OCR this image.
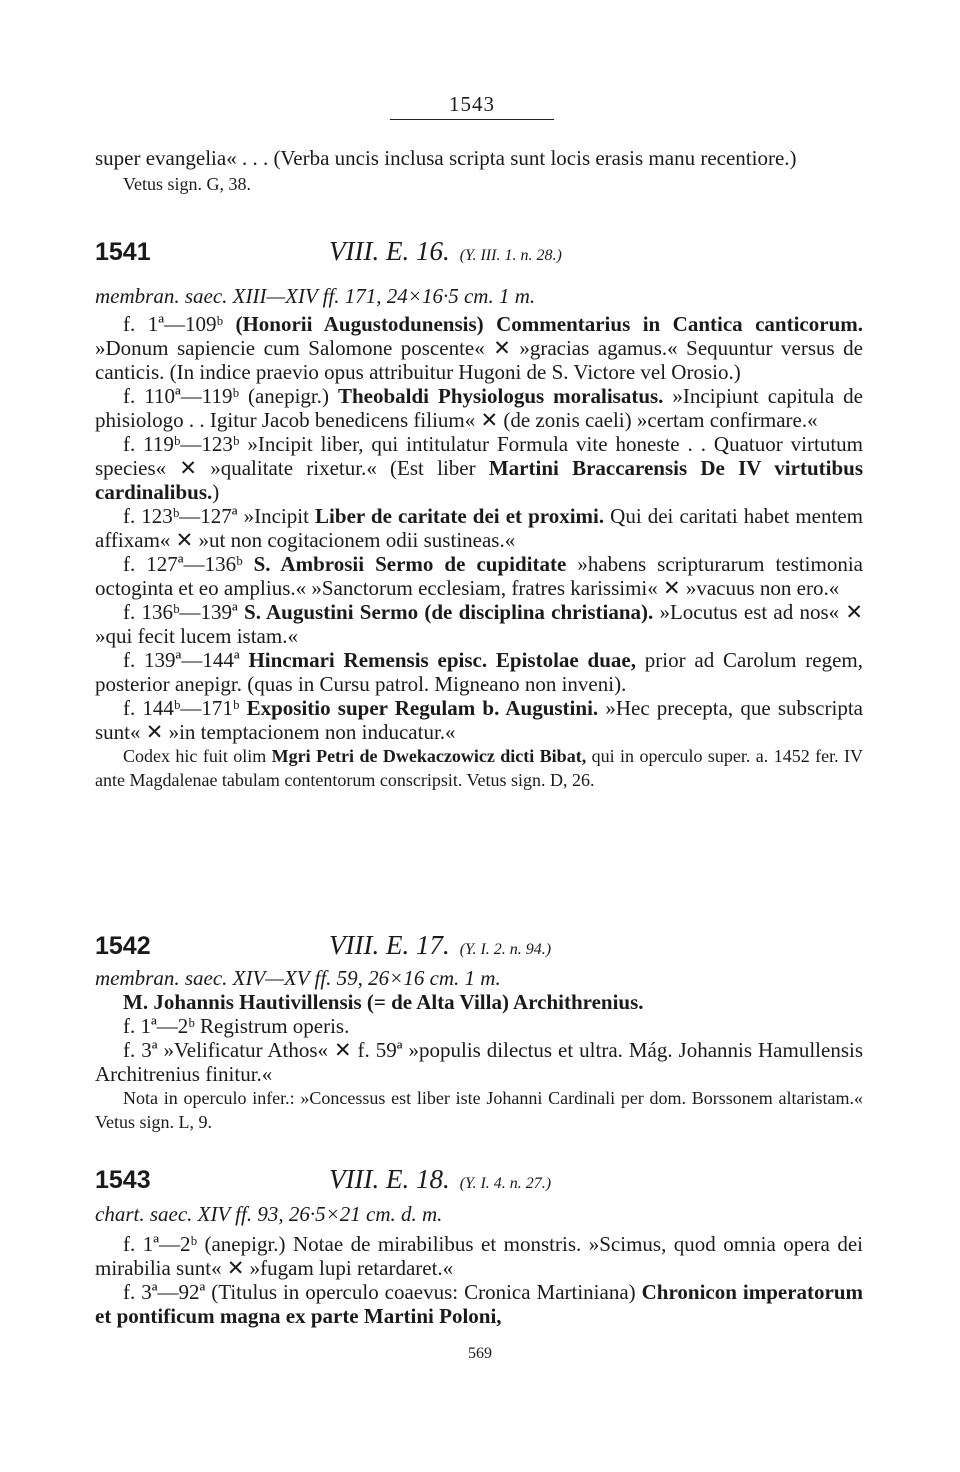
1543

super evangelia« . . . (Verba uncis inclusa scripta sunt locis erasis manu recentiore.)

Vetus sign. G, 38.

1541	VIII. E. 16. (Y. III. 1. n. 28.)

membran. saec. XIII—XIV ff. 171, 24×16·5 cm. 1 m.

f. 1ª—109ᵇ (Honorii Augustodunensis) Commentarius in Cantica canticorum. »Donum sapiencie cum Salomone poscente« ✕ »gracias agamus.« Sequuntur versus de canticis. (In indice praevio opus attribuitur Hugoni de S. Victore vel Orosio.)

f. 110ª—119ᵇ (anepigr.) Theobaldi Physiologus moralisatus. »Incipiunt capitula de phisiologo . . Igitur Jacob benedicens filium« ✕ (de zonis caeli) »certam confirmare.«

f. 119ᵇ—123ᵇ »Incipit liber, qui intitulatur Formula vite honeste . . Quatuor virtutum species« ✕ »qualitate rixetur.« (Est liber Martini Braccarensis De IV virtutibus cardinalibus.)

f. 123ᵇ—127ª »Incipit Liber de caritate dei et proximi. Qui dei caritati habet mentem affixam« ✕ »ut non cogitacionem odii sustineas.«

f. 127ª—136ᵇ S. Ambrosii Sermo de cupiditate »habens scripturarum testimonia octoginta et eo amplius.« »Sanctorum ecclesiam, fratres karissimi« ✕ »vacuus non ero.«

f. 136ᵇ—139ª S. Augustini Sermo (de disciplina christiana). »Locutus est ad nos« ✕ »qui fecit lucem istam.«

f. 139ª—144ª Hincmari Remensis episc. Epistolae duae, prior ad Carolum regem, posterior anepigr. (quas in Cursu patrol. Migneano non inveni).

f. 144ᵇ—171ᵇ Expositio super Regulam b. Augustini. »Hec precepta, que subscripta sunt« ✕ »in temptacionem non inducatur.«

Codex hic fuit olim Mgri Petri de Dwekaczowicz dicti Bibat, qui in operculo super. a. 1452 fer. IV ante Magdalenae tabulam contentorum conscripsit. Vetus sign. D, 26.

1542	VIII. E. 17. (Y. I. 2. n. 94.)

membran. saec. XIV—XV ff. 59, 26×16 cm. 1 m.

M. Johannis Hautivillensis (= de Alta Villa) Archithrenius.

f. 1ª—2ᵇ Registrum operis.

f. 3ª »Velificatur Athos« ✕ f. 59ª »populis dilectus et ultra. Mág. Johannis Hamullensis Architrenius finitur.«

Nota in operculo infer.: »Concessus est liber iste Johanni Cardinali per dom. Borssonem altaristam.« Vetus sign. L, 9.

1543	VIII. E. 18. (Y. I. 4. n. 27.)

chart. saec. XIV ff. 93, 26·5×21 cm. d. m.

f. 1ª—2ᵇ (anepigr.) Notae de mirabilibus et monstris. »Scimus, quod omnia opera dei mirabilia sunt« ✕ »fugam lupi retardaret.«

f. 3ª—92ª (Titulus in operculo coaevus: Cronica Martiniana) Chronicon imperatorum et pontificum magna ex parte Martini Poloni,

569
